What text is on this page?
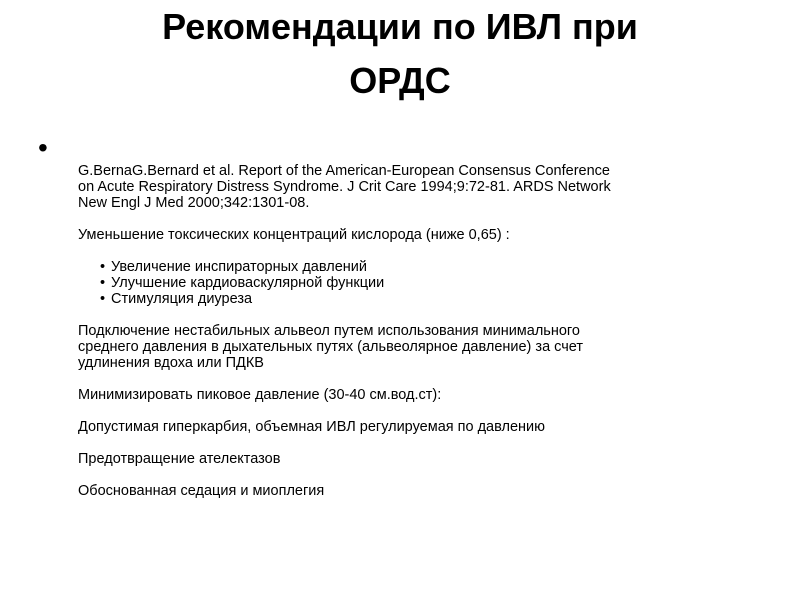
Рекомендации по ИВЛ при
ОРДС
•

G.BernaG.Bernard et al. Report of the American-European Consensus Conference
on Acute Respiratory Distress Syndrome. J Crit Care 1994;9:72-81. ARDS Network
New Engl J Med 2000;342:1301-08.

Уменьшение токсических концентраций кислорода (ниже 0,65) :

• Увеличение инспираторных давлений
• Улучшение кардиоваскулярной функции
• Стимуляция диуреза

Подключение нестабильных альвеол путем использования минимального
среднего давления в дыхательных путях (альвеолярное давление) за счет
удлинения вдоха или ПДКВ

Минимизировать пиковое давление (30-40 см.вод.ст):

Допустимая гиперкарбия, объемная ИВЛ регулируемая по давлению

Предотвращение ателектазов

Обоснованная седация и миоплегия
